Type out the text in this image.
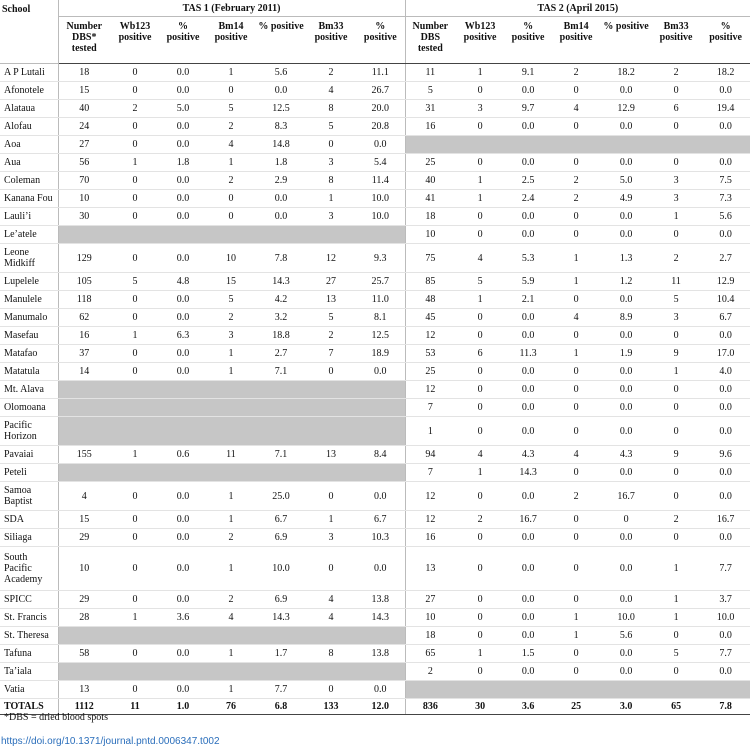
School	TAS 1 (February 2011)							TAS 2 (April 2015)						
	Number DBS* tested	Wb123 positive	% positive	Bm14 positive	% positive	Bm33 positive	% positive	Number DBS tested	Wb123 positive	% positive	Bm14 positive	% positive	Bm33 positive	% positive
A P Lutali	18	0	0.0	1	5.6	2	11.1	11	1	9.1	2	18.2	2	18.2
Afonotele	15	0	0.0	0	0.0	4	26.7	5	0	0.0	0	0.0	0	0.0
Alataua	40	2	5.0	5	12.5	8	20.0	31	3	9.7	4	12.9	6	19.4
Alofau	24	0	0.0	2	8.3	5	20.8	16	0	0.0	0	0.0	0	0.0
Aoa	27	0	0.0	4	14.8	0	0.0							
Aua	56	1	1.8	1	1.8	3	5.4	25	0	0.0	0	0.0	0	0.0
Coleman	70	0	0.0	2	2.9	8	11.4	40	1	2.5	2	5.0	3	7.5
Kanana Fou	10	0	0.0	0	0.0	1	10.0	41	1	2.4	2	4.9	3	7.3
Lauli’i	30	0	0.0	0	0.0	3	10.0	18	0	0.0	0	0.0	1	5.6
Le’atele								10	0	0.0	0	0.0	0	0.0
Leone Midkiff	129	0	0.0	10	7.8	12	9.3	75	4	5.3	1	1.3	2	2.7
Lupelele	105	5	4.8	15	14.3	27	25.7	85	5	5.9	1	1.2	11	12.9
Manulele	118	0	0.0	5	4.2	13	11.0	48	1	2.1	0	0.0	5	10.4
Manumalo	62	0	0.0	2	3.2	5	8.1	45	0	0.0	4	8.9	3	6.7
Masefau	16	1	6.3	3	18.8	2	12.5	12	0	0.0	0	0.0	0	0.0
Matafao	37	0	0.0	1	2.7	7	18.9	53	6	11.3	1	1.9	9	17.0
Matatula	14	0	0.0	1	7.1	0	0.0	25	0	0.0	0	0.0	1	4.0
Mt. Alava								12	0	0.0	0	0.0	0	0.0
Olomoana								7	0	0.0	0	0.0	0	0.0
Pacific Horizon								1	0	0.0	0	0.0	0	0.0
Pavaiai	155	1	0.6	11	7.1	13	8.4	94	4	4.3	4	4.3	9	9.6
Peteli								7	1	14.3	0	0.0	0	0.0
Samoa Baptist	4	0	0.0	1	25.0	0	0.0	12	0	0.0	2	16.7	0	0.0
SDA	15	0	0.0	1	6.7	1	6.7	12	2	16.7	0	0	2	16.7
Siliaga	29	0	0.0	2	6.9	3	10.3	16	0	0.0	0	0.0	0	0.0
South Pacific Academy	10	0	0.0	1	10.0	0	0.0	13	0	0.0	0	0.0	1	7.7
SPICC	29	0	0.0	2	6.9	4	13.8	27	0	0.0	0	0.0	1	3.7
St. Francis	28	1	3.6	4	14.3	4	14.3	10	0	0.0	1	10.0	1	10.0
St. Theresa								18	0	0.0	1	5.6	0	0.0
Tafuna	58	0	0.0	1	1.7	8	13.8	65	1	1.5	0	0.0	5	7.7
Ta’iala								2	0	0.0	0	0.0	0	0.0
Vatia	13	0	0.0	1	7.7	0	0.0							
TOTALS	1112	11	1.0	76	6.8	133	12.0	836	30	3.6	25	3.0	65	7.8
*DBS = dried blood spots
https://doi.org/10.1371/journal.pntd.0006347.t002
